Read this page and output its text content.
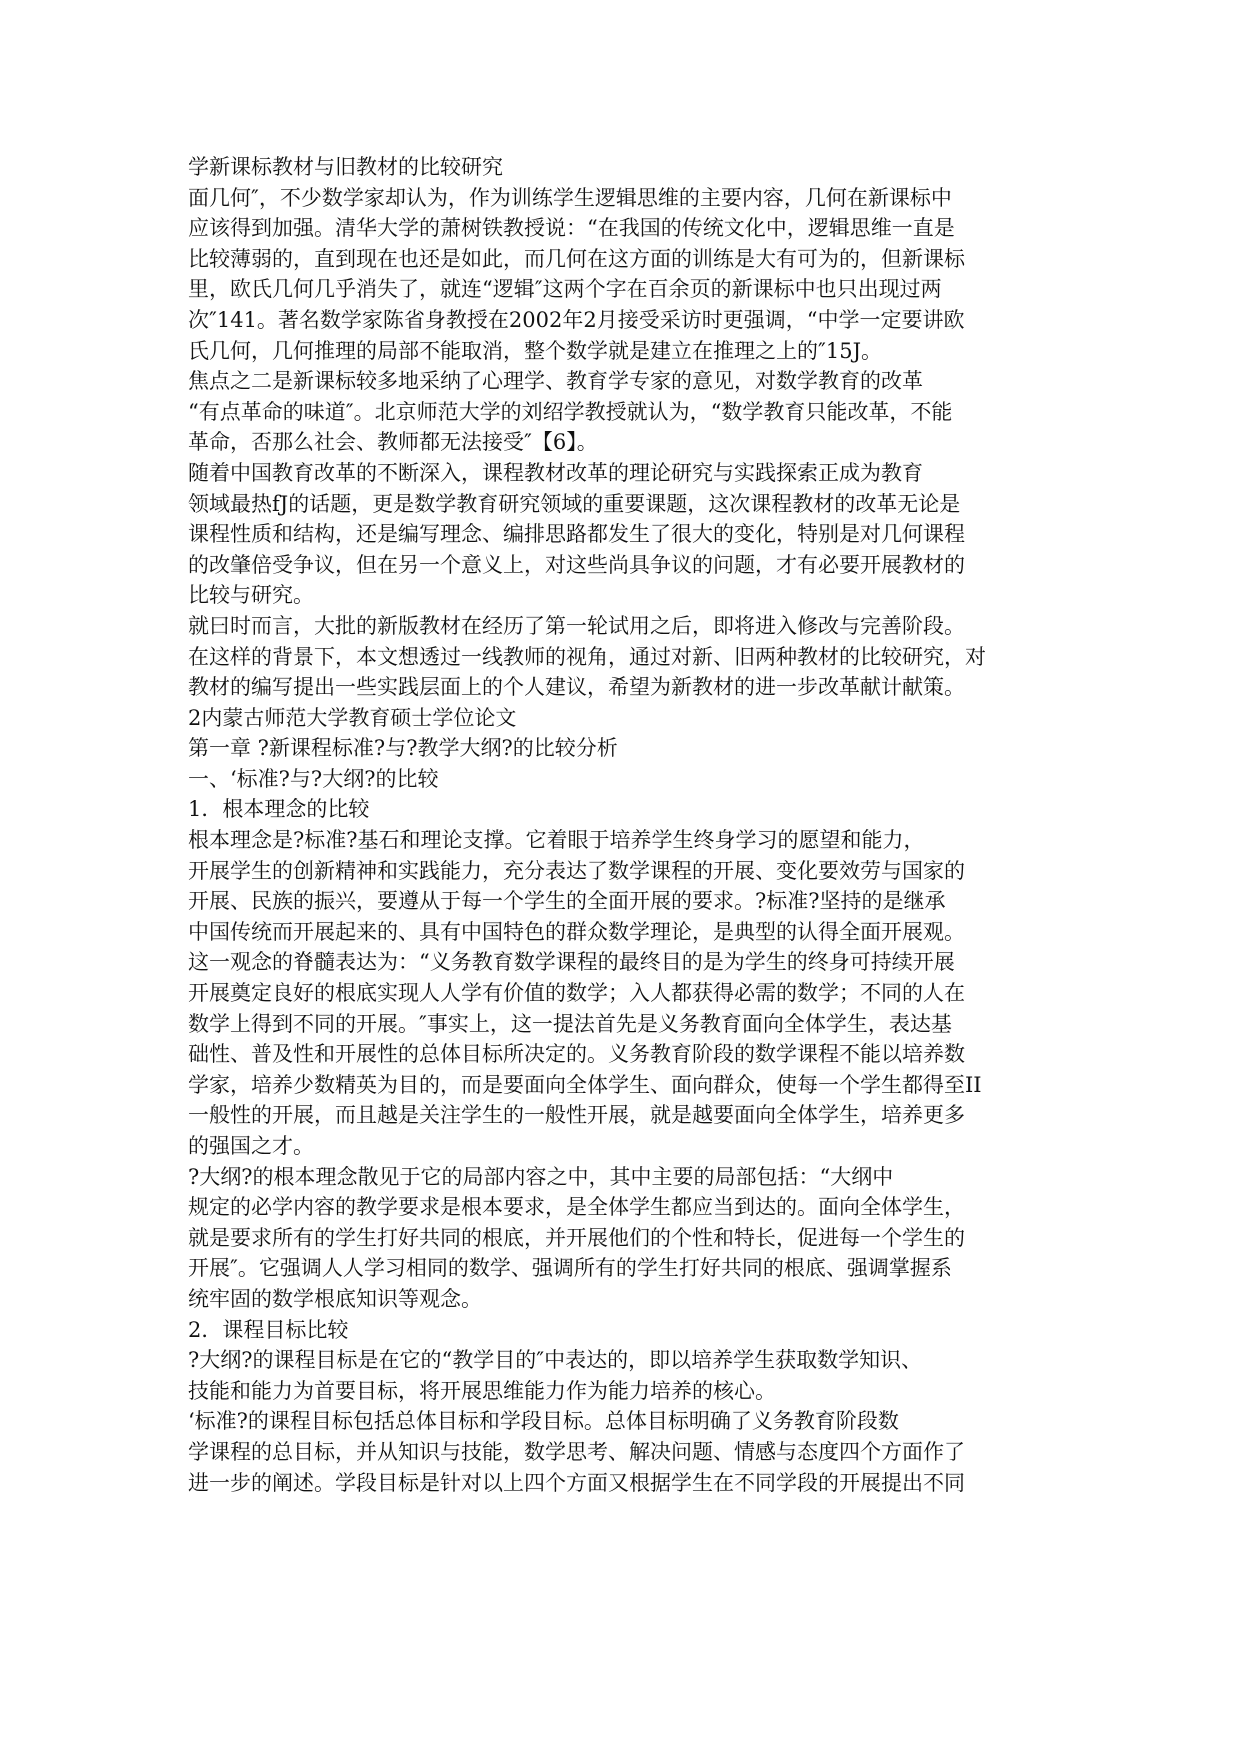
学新课标教材与旧教材的比较研究
面几何″，不少数学家却认为，作为训练学生逻辑思维的主要内容，几何在新课标中
应该得到加强。清华大学的萧树铁教授说：“在我国的传统文化中，逻辑思维一直是
比较薄弱的，直到现在也还是如此，而几何在这方面的训练是大有可为的，但新课标
里，欧氏几何几乎消失了，就连“逻辑″这两个字在百余页的新课标中也只出现过两
次″141。著名数学家陈省身教授在2002年2月接受采访时更强调，“中学一定要讲欧
氏几何，几何推理的局部不能取消，整个数学就是建立在推理之上的″15J。
焦点之二是新课标较多地采纳了心理学、教育学专家的意见，对数学教育的改革
“有点革命的味道″。北京师范大学的刘绍学教授就认为，“数学教育只能改革，不能
革命，否那么社会、教师都无法接受″【6】。
随着中国教育改革的不断深入，课程教材改革的理论研究与实践探索正成为教育
领域最热fJ的话题，更是数学教育研究领域的重要课题，这次课程教材的改革无论是
课程性质和结构，还是编写理念、编排思路都发生了很大的变化，特别是对几何课程
的改肇倍受争议，但在另一个意义上，对这些尚具争议的问题，才有必要开展教材的
比较与研究。
就曰时而言，大批的新版教材在经历了第一轮试用之后，即将进入修改与完善阶段。
在这样的背景下，本文想透过一线教师的视角，通过对新、旧两种教材的比较研究，对
教材的编写提出一些实践层面上的个人建议，希望为新教材的进一步改革献计献策。
2内蒙古师范大学教育硕士学位论文
第一章 ?新课程标准?与?教学大纲?的比较分析
一、‘标准?与?大纲?的比较
1．根本理念的比较
根本理念是?标准?基石和理论支撑。它着眼于培养学生终身学习的愿望和能力，
开展学生的创新精神和实践能力，充分表达了数学课程的开展、变化要效劳与国家的
开展、民族的振兴，要遵从于每一个学生的全面开展的要求。?标准?坚持的是继承
中国传统而开展起来的、具有中国特色的群众数学理论，是典型的认得全面开展观。
这一观念的脊髓表达为：“义务教育数学课程的最终目的是为学生的终身可持续开展
开展奠定良好的根底实现人人学有价值的数学；入人都获得必需的数学；不同的人在
数学上得到不同的开展。″事实上，这一提法首先是义务教育面向全体学生，表达基
础性、普及性和开展性的总体目标所决定的。义务教育阶段的数学课程不能以培养数
学家，培养少数精英为目的，而是要面向全体学生、面向群众，使每一个学生都得至II
一般性的开展，而且越是关注学生的一般性开展，就是越要面向全体学生，培养更多
的强国之才。
?大纲?的根本理念散见于它的局部内容之中，其中主要的局部包括：“大纲中
规定的必学内容的教学要求是根本要求，是全体学生都应当到达的。面向全体学生，
就是要求所有的学生打好共同的根底，并开展他们的个性和特长，促进每一个学生的
开展″。它强调人人学习相同的数学、强调所有的学生打好共同的根底、强调掌握系
统牢固的数学根底知识等观念。
2．课程目标比较
?大纲?的课程目标是在它的“教学目的″中表达的，即以培养学生获取数学知识、
技能和能力为首要目标，将开展思维能力作为能力培养的核心。
‘标准?的课程目标包括总体目标和学段目标。总体目标明确了义务教育阶段数
学课程的总目标，并从知识与技能，数学思考、解决问题、情感与态度四个方面作了
进一步的阐述。学段目标是针对以上四个方面又根据学生在不同学段的开展提出不同
